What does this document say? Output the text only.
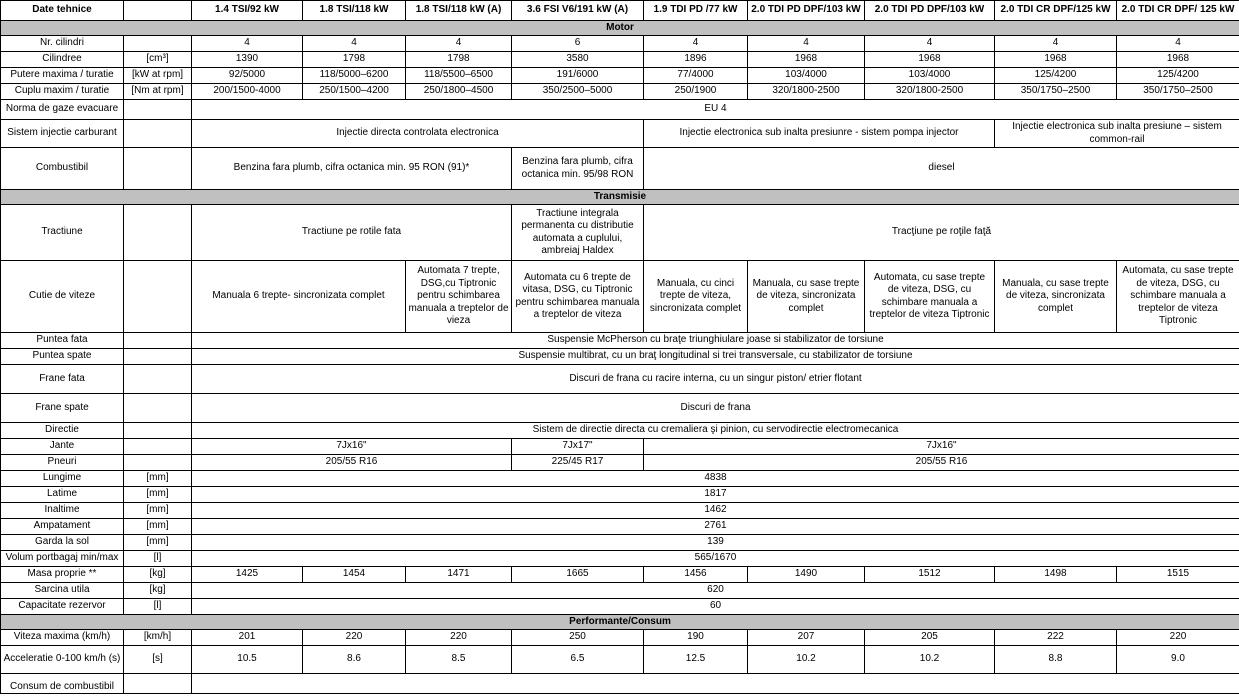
Date tehnice		1.4 TSI/92 kW	1.8 TSI/118 kW	1.8 TSI/118 kW (A)	3.6 FSI V6/191 kW (A)	1.9 TDI PD /77 kW	2.0 TDI PD DPF/103 kW	2.0 TDI PD DPF/103 kW	2.0 TDI CR DPF/125 kW	2.0 TDI CR DPF/ 125 kW
Motor										
Nr. cilindri		4	4	4	6	4	4	4	4	4
Cilindree	[cm³]	1390	1798	1798	3580	1896	1968	1968	1968	1968
Putere maxima / turatie	[kW at rpm]	92/5000	118/5000–6200	118/5500–6500	191/6000	77/4000	103/4000	103/4000	125/4200	125/4200
Cuplu maxim / turatie	[Nm at rpm]	200/1500-4000	250/1500–4200	250/1800–4500	350/2500–5000	250/1900	320/1800-2500	320/1800-2500	350/1750–2500	350/1750–2500
Norma de gaze evacuare		EU 4								
Sistem injectie carburant		Injectie directa controlata electronica				Injectie electronica sub inalta presiunre - sistem pompa injector			Injectie electronica sub inalta presiune – sistem common-rail	
Combustibil		Benzina fara plumb, cifra octanica min. 95 RON (91)*			Benzina fara plumb, cifra octanica min. 95/98 RON	diesel				
Transmisie										
Tractiune		Tractiune pe rotile fata			Tractiune integrala permanenta cu distributie automata a cuplului, ambreiaj Haldex	Tracţiune pe roţile faţă				
Cutie de viteze		Manuala 6 trepte- sincronizata complet		Automata 7 trepte, DSG,cu Tiptronic pentru schimbarea manuala a treptelor de vieza	Automata cu 6 trepte de vitasa, DSG, cu Tiptronic pentru schimbarea manuala a treptelor de viteza	Manuala, cu cinci trepte de viteza, sincronizata complet	Manuala, cu sase trepte de viteza, sincronizata complet	Automata, cu sase trepte de viteza, DSG, cu schimbare manuala a treptelor de viteza Tiptronic	Manuala, cu sase trepte de viteza, sincronizata complet	Automata, cu sase trepte de viteza, DSG, cu schimbare manuala a treptelor de viteza Tiptronic
Puntea fata		Suspensie McPherson cu braţe triunghiulare joase si stabilizator de torsiune								
Puntea spate		Suspensie multibrat, cu un braţ longitudinal si trei transversale, cu stabilizator de torsiune								
Frane fata		Discuri de frana cu racire interna, cu un singur piston/ etrier flotant								
Frane spate		Discuri de frana								
Directie		Sistem de directie directa cu cremaliera şi pinion, cu servodirectie electromecanica								
Jante		7Jx16"			7Jx17"	7Jx16"				
Pneuri		205/55 R16			225/45 R17	205/55 R16				
Lungime	[mm]	4838								
Latime	[mm]	1817								
Inaltime	[mm]	1462								
Ampatament	[mm]	2761								
Garda la sol	[mm]	139								
Volum portbagaj min/max	[l]	565/1670								
Masa proprie **	[kg]	1425	1454	1471	1665	1456	1490	1512	1498	1515
Sarcina utila	[kg]	620								
Capacitate rezervor	[l]	60								
Performante/Consum										
Viteza maxima (km/h)	[km/h]	201	220	220	250	190	207	205	222	220
Acceleratie 0-100 km/h (s)	[s]	10.5	8.6	8.5	6.5	12.5	10.2	10.2	8.8	9.0
Consum de combustibil										
